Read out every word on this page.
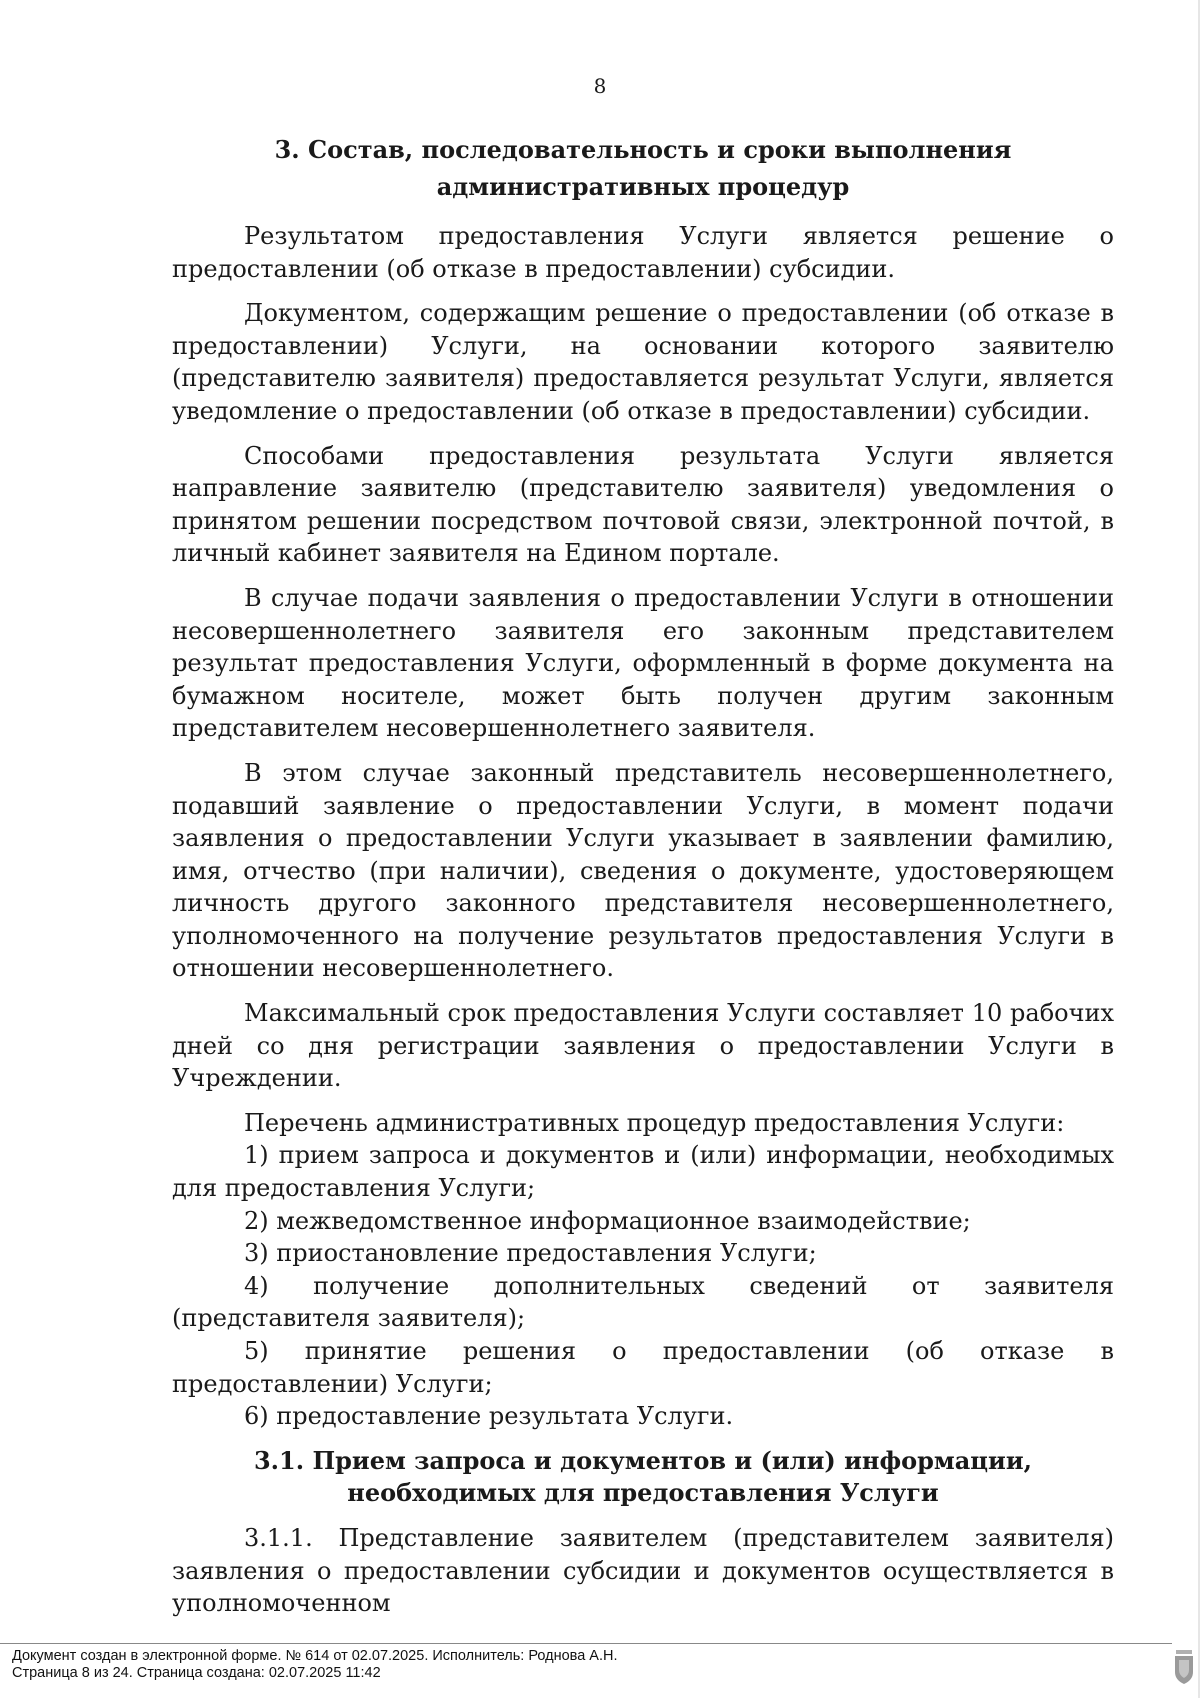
8

3. Состав, последовательность и сроки выполнения административных процедур

Результатом предоставления Услуги является решение о предоставлении (об отказе в предоставлении) субсидии.

Документом, содержащим решение о предоставлении (об отказе в предоставлении) Услуги, на основании которого заявителю (представителю заявителя) предоставляется результат Услуги, является уведомление о предоставлении (об отказе в предоставлении) субсидии.

Способами предоставления результата Услуги является направление заявителю (представителю заявителя) уведомления о принятом решении посредством почтовой связи, электронной почтой, в личный кабинет заявителя на Едином портале.

В случае подачи заявления о предоставлении Услуги в отношении несовершеннолетнего заявителя его законным представителем результат предоставления Услуги, оформленный в форме документа на бумажном носителе, может быть получен другим законным представителем несовершеннолетнего заявителя.

В этом случае законный представитель несовершеннолетнего, подавший заявление о предоставлении Услуги, в момент подачи заявления о предоставлении Услуги указывает в заявлении фамилию, имя, отчество (при наличии), сведения о документе, удостоверяющем личность другого законного представителя несовершеннолетнего, уполномоченного на получение результатов предоставления Услуги в отношении несовершеннолетнего.

Максимальный срок предоставления Услуги составляет 10 рабочих дней со дня регистрации заявления о предоставлении Услуги в Учреждении.

Перечень административных процедур предоставления Услуги:

1) прием запроса и документов и (или) информации, необходимых для предоставления Услуги;

2) межведомственное информационное взаимодействие;

3) приостановление предоставления Услуги;

4) получение дополнительных сведений от заявителя (представителя заявителя);

5) принятие решения о предоставлении (об отказе в предоставлении) Услуги;

6) предоставление результата Услуги.

3.1. Прием запроса и документов и (или) информации, необходимых для предоставления Услуги

3.1.1. Представление заявителем (представителем заявителя) заявления о предоставлении субсидии и документов осуществляется в уполномоченном

Документ создан в электронной форме. № 614 от 02.07.2025. Исполнитель: Роднова А.Н.
Страница 8 из 24. Страница создана: 02.07.2025 11:42
